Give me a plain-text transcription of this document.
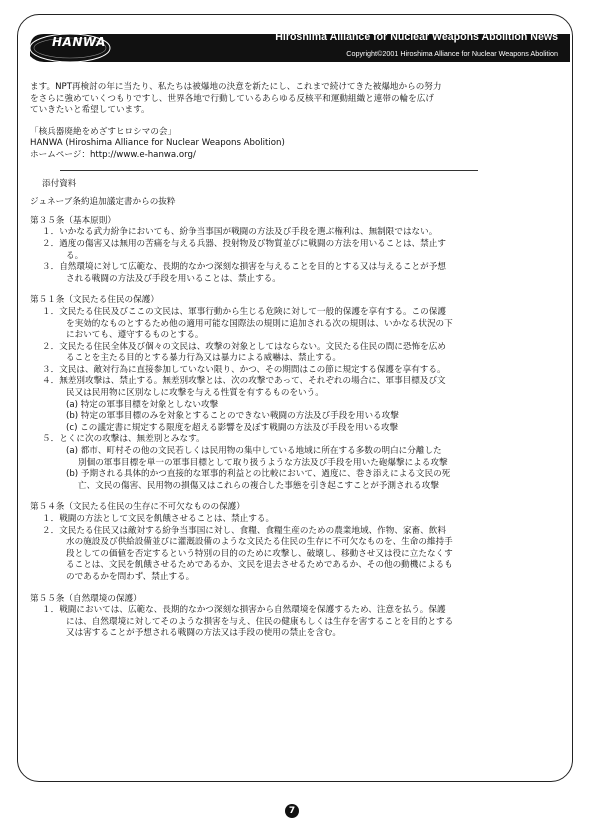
HANWA	Hiroshima Alliance for Nuclear Weapons Abolition News
Copyright©2001 Hiroshima Alliance for Nuclear Weapons Abolition

ます。NPT再検討の年に当たり、私たちは被爆地の決意を新たにし、これまで続けてきた被爆地からの努力

をさらに強めていくつもりですし、世界各地で行動しているあらゆる反核平和運動組織と連帯の輪を広げ

ていきたいと希望しています。

「核兵器廃絶をめざすヒロシマの会」

HANWA (Hiroshima Alliance for Nuclear Weapons Abolition)

ホームページ：http://www.e-hanwa.org/

添付資料

ジュネーブ条約追加議定書からの抜粋

第３５条（基本原則）

１．いかなる武力紛争においても、紛争当事国が戦闘の方法及び手段を選ぶ権利は、無制限ではない。

２．過度の傷害又は無用の苦痛を与える兵器、投射物及び物質並びに戦闘の方法を用いることは、禁止す

る。

３．自然環境に対して広範な、長期的なかつ深刻な損害を与えることを目的とする又は与えることが予想

される戦闘の方法及び手段を用いることは、禁止する。

第５１条（文民たる住民の保護）

１．文民たる住民及びここの文民は、軍事行動から生じる危険に対して一般的保護を享有する。この保護

を実効的なものとするため他の適用可能な国際法の規則に追加される次の規則は、いかなる状況の下

においても、遵守するものとする。

２．文民たる住民全体及び個々の文民は、攻撃の対象としてはならない。文民たる住民の間に恐怖を広め

ることを主たる目的とする暴力行為又は暴力による威嚇は、禁止する。

３．文民は、敵対行為に直接参加していない限り、かつ、その期間はこの節に規定する保護を享有する。

４．無差別攻撃は、禁止する。無差別攻撃とは、次の攻撃であって、それぞれの場合に、軍事目標及び文

民又は民用物に区別なしに攻撃を与える性質を有するものをいう。

(a) 特定の軍事目標を対象としない攻撃

(b) 特定の軍事目標のみを対象とすることのできない戦闘の方法及び手段を用いる攻撃

(c) この議定書に規定する限度を超える影響を及ぼす戦闘の方法及び手段を用いる攻撃

５．とくに次の攻撃は、無差別とみなす。

(a) 都市、町村その他の文民若しくは民用物の集中している地域に所在する多数の明白に分離した

別個の軍事目標を単一の軍事目標として取り扱うような方法及び手段を用いた砲爆撃による攻撃

(b) 予期される具体的かつ直接的な軍事的利益との比較において、過度に、巻き添えによる文民の死

亡、文民の傷害、民用物の損傷又はこれらの複合した事態を引き起こすことが予測される攻撃

第５４条（文民たる住民の生存に不可欠なものの保護）

１．戦闘の方法として文民を飢餓させることは、禁止する。

２．文民たる住民又は敵対する紛争当事国に対し、食糧、食糧生産のための農業地域、作物、家畜、飲料

水の施設及び供給設備並びに灌漑設備のような文民たる住民の生存に不可欠なものを、生命の維持手

段としての価値を否定するという特別の目的のために攻撃し、破壊し、移動させ又は役に立たなくす

ることは、文民を飢餓させるためであるか、文民を退去させるためであるか、その他の動機によるも

のであるかを問わず、禁止する。

第５５条（自然環境の保護）

１．戦闘においては、広範な、長期的なかつ深刻な損害から自然環境を保護するため、注意を払う。保護

には、自然環境に対してそのような損害を与え、住民の健康もしくは生存を害することを目的とする

又は害することが予想される戦闘の方法又は手段の使用の禁止を含む。

7
